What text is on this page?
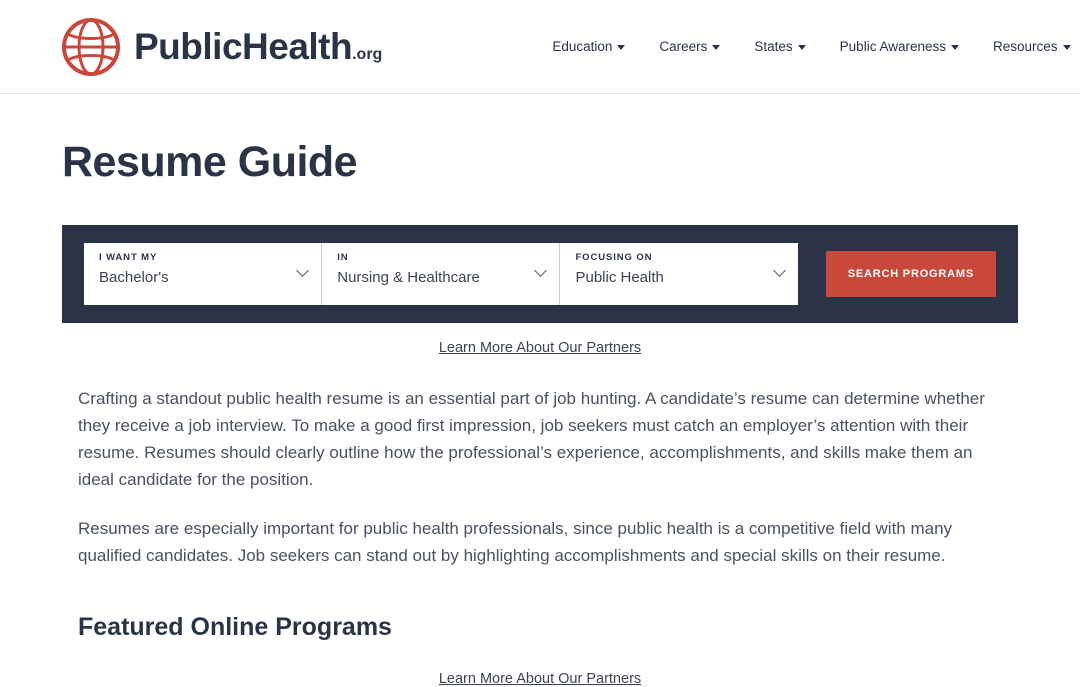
PublicHealth.org	Education	Careers	States	Public Awareness	Resources
Resume Guide
I WANT MY
Bachelor's
IN
Nursing & Healthcare
FOCUSING ON
Public Health	SEARCH PROGRAMS
Learn More About Our Partners

Crafting a standout public health resume is an essential part of job hunting. A candidate’s resume can determine whether they receive a job interview. To make a good first impression, job seekers must catch an employer’s attention with their resume. Resumes should clearly outline how the professional’s experience, accomplishments, and skills make them an ideal candidate for the position.

Resumes are especially important for public health professionals, since public health is a competitive field with many qualified candidates. Job seekers can stand out by highlighting accomplishments and special skills on their resume.

Featured Online Programs
Learn More About Our Partners
